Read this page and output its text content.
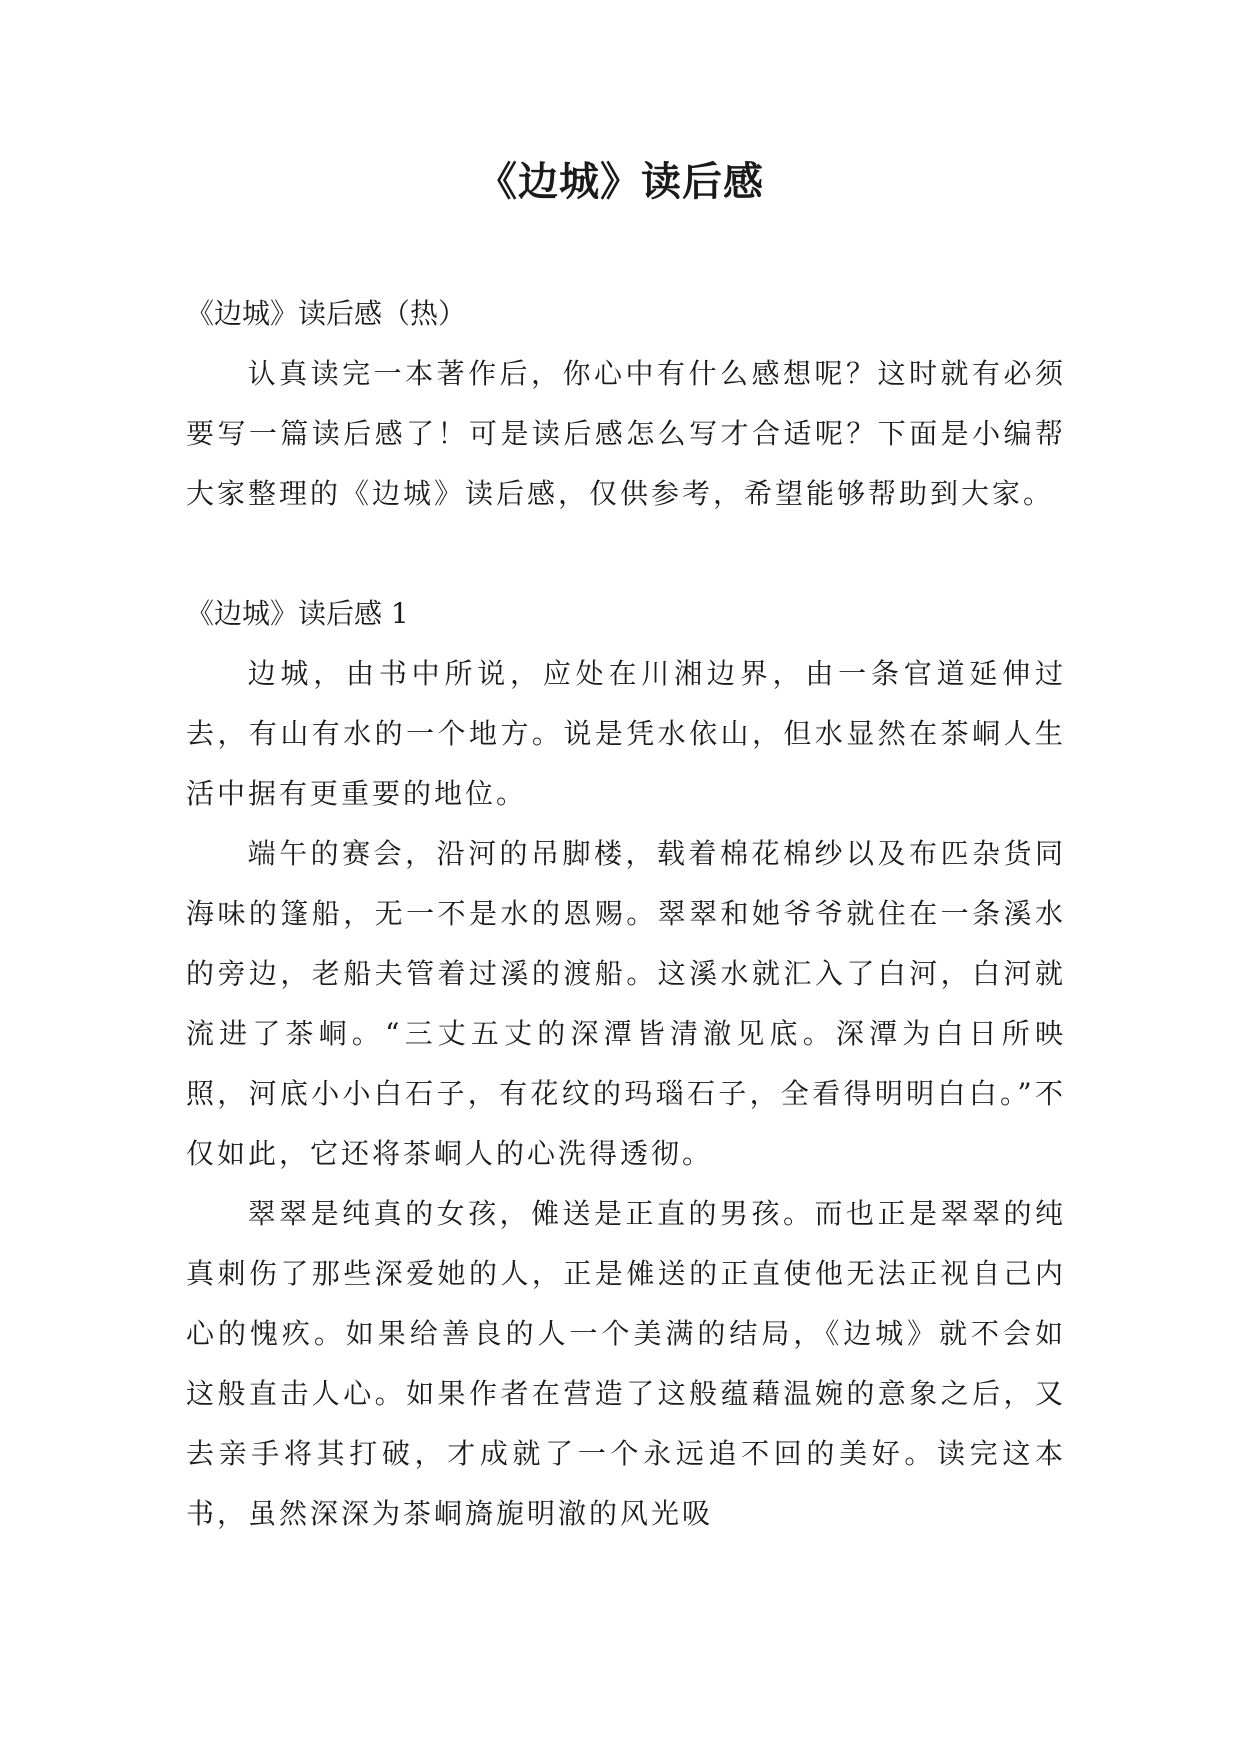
《边城》读后感

《边城》读后感（热）

认真读完一本著作后，你心中有什么感想呢？这时就有必须要写一篇读后感了！可是读后感怎么写才合适呢？下面是小编帮大家整理的《边城》读后感，仅供参考，希望能够帮助到大家。

《边城》读后感 1

边城，由书中所说，应处在川湘边界，由一条官道延伸过去，有山有水的一个地方。说是凭水依山，但水显然在茶峒人生活中据有更重要的地位。

端午的赛会，沿河的吊脚楼，载着棉花棉纱以及布匹杂货同海味的篷船，无一不是水的恩赐。翠翠和她爷爷就住在一条溪水的旁边，老船夫管着过溪的渡船。这溪水就汇入了白河，白河就流进了茶峒。“三丈五丈的深潭皆清澈见底。深潭为白日所映照，河底小小白石子，有花纹的玛瑙石子，全看得明明白白。”不仅如此，它还将茶峒人的心洗得透彻。

翠翠是纯真的女孩，傩送是正直的男孩。而也正是翠翠的纯真刺伤了那些深爱她的人，正是傩送的正直使他无法正视自己内心的愧疚。如果给善良的人一个美满的结局，《边城》就不会如这般直击人心。如果作者在营造了这般蕴藉温婉的意象之后，又去亲手将其打破，才成就了一个永远追不回的美好。读完这本书，虽然深深为茶峒旖旎明澈的风光吸
